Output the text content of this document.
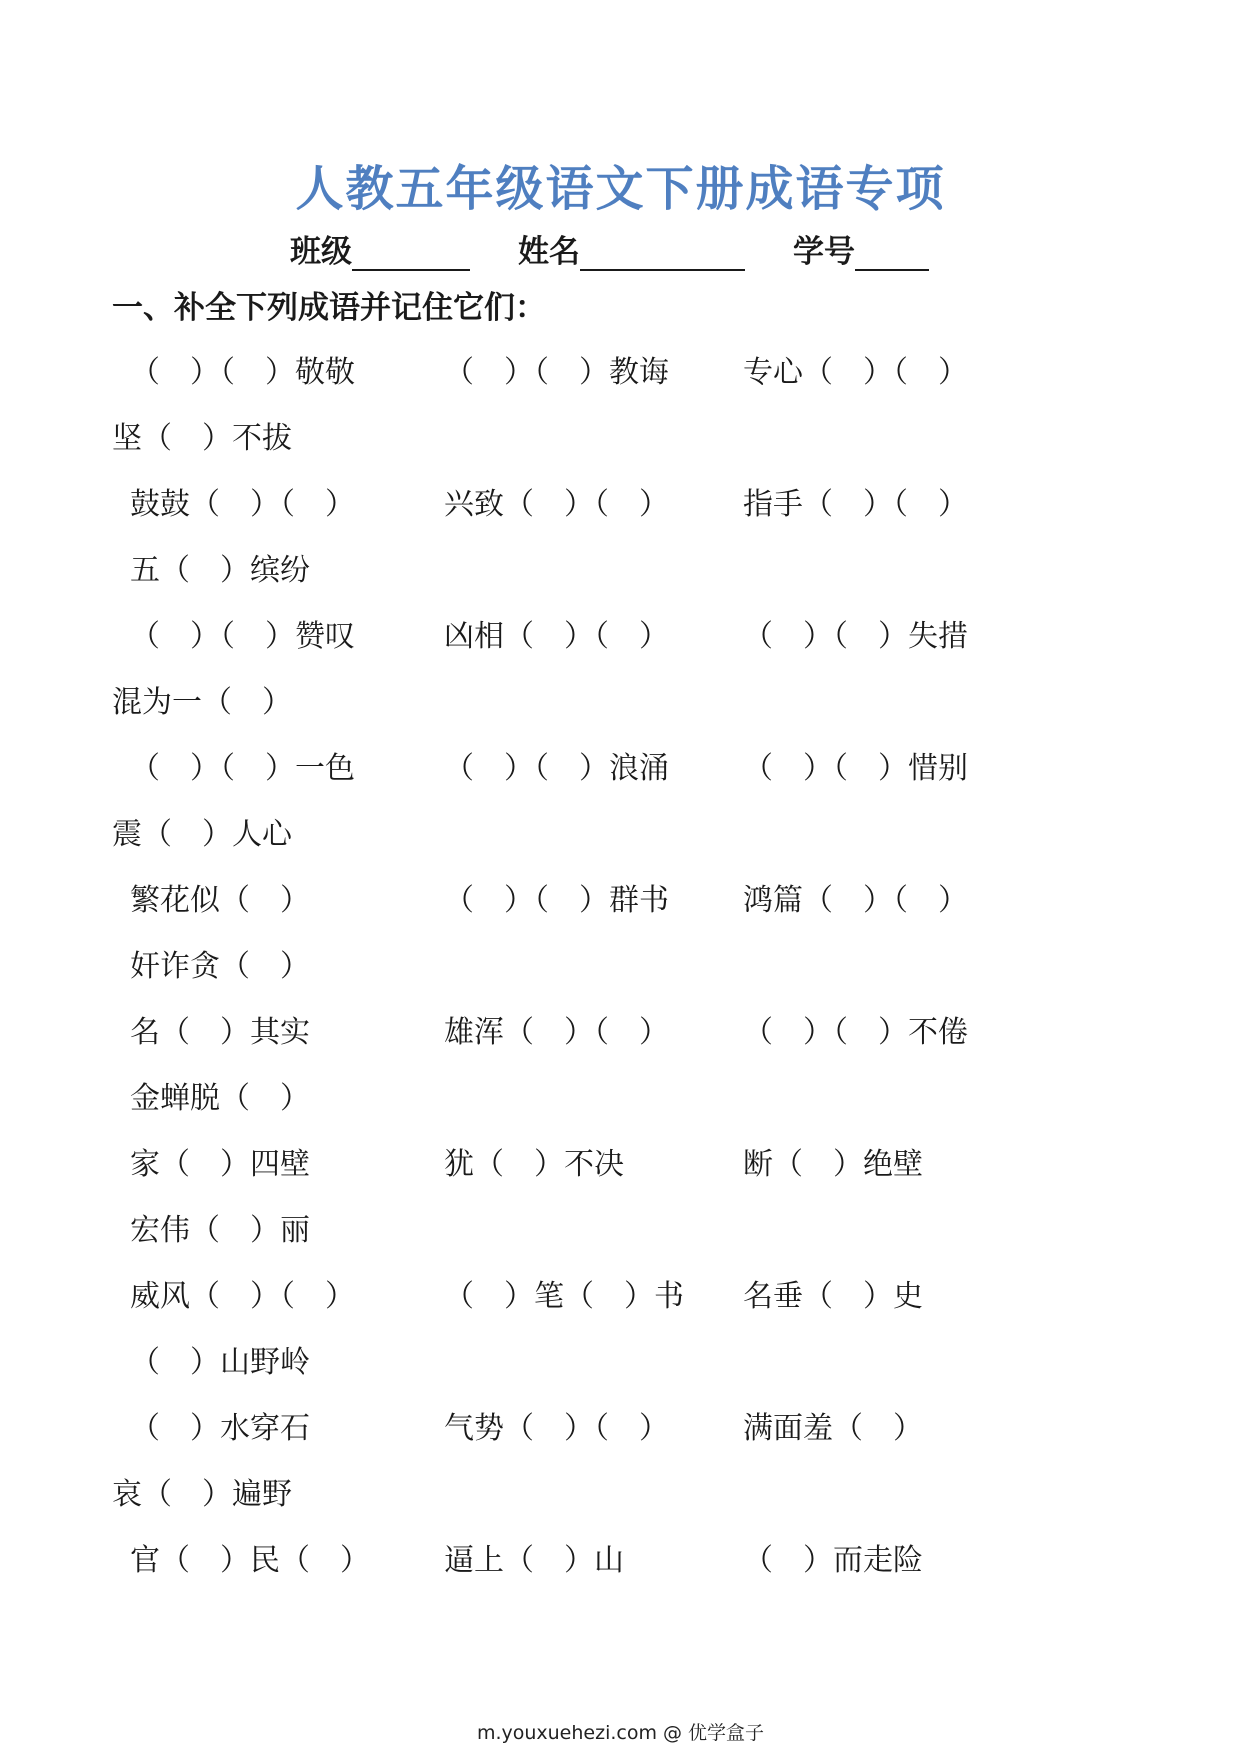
人教五年级语文下册成语专项
班级	姓名	学号
一、补全下列成语并记住它们：
（　）（　）敬敬	（　）（　）教诲 专心（　）（　）
坚（　）不拔
鼓鼓（　）（　）	兴致（　）（　） 指手（　）（　）
五（　）缤纷
（　）（　）赞叹	凶相（　）（　） （　）（　）失措
混为一（　）
（　）（　）一色	（　）（　）浪涌 （　）（　）惜别
震（　）人心
繁花似（　）	（　）（　）群书 鸿篇（　）（　）
奸诈贪（　）
名（　）其实	雄浑（　）（　） （　）（　）不倦
金蝉脱（　）
家（　）四壁	犹（　）不决	断（　）绝壁
宏伟（　）丽
威风（　）（　）	（　）笔（　）书 名垂（　）史
（　）山野岭
（　）水穿石	气势（　）（　） 满面羞（　）
哀（　）遍野
官（　）民（　） 逼上（　）山	（　）而走险
m.youxuehezi.com @ 优学盒子
